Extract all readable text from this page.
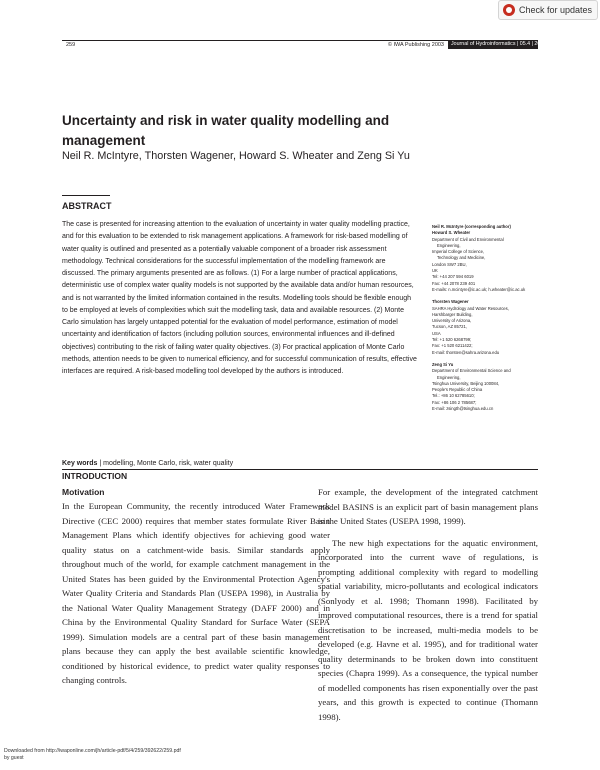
Check for updates
259	© IWA Publishing 2003	Journal of Hydroinformatics | 05.4 | 2003
Uncertainty and risk in water quality modelling and management
Neil R. McIntyre, Thorsten Wagener, Howard S. Wheater and Zeng Si Yu
ABSTRACT
The case is presented for increasing attention to the evaluation of uncertainty in water quality modelling practice, and for this evaluation to be extended to risk management applications. A framework for risk-based modelling of water quality is outlined and presented as a potentially valuable component of a broader risk assessment methodology. Technical considerations for the successful implementation of the modelling framework are discussed. The primary arguments presented are as follows. (1) For a large number of practical applications, deterministic use of complex water quality models is not supported by the available data and/or human resources, and is not warranted by the limited information contained in the results. Modelling tools should be flexible enough to be employed at levels of complexities which suit the modelling task, data and available resources. (2) Monte Carlo simulation has largely untapped potential for the evaluation of model performance, estimation of model uncertainty and identification of factors (including pollution sources, environmental influences and ill-defined objectives) contributing to the risk of failing water quality objectives. (3) For practical application of Monte Carlo methods, attention needs to be given to numerical efficiency, and for successful communication of results, effective interfaces are required. A risk-based modelling tool developed by the authors is introduced.
Key words | modelling, Monte Carlo, risk, water quality
Neil R. McIntyre (corresponding author)
Howard S. Wheater
Department of Civil and Environmental
Engineering,
Imperial College of Science,
Technology and Medicine,
London SW7 2BU,
UK
Tel: +44 207 594 6019
Fax: +44 2078 239 401
E-mails: n.mcintyre@ic.ac.uk; h.wheater@ic.ac.uk
Thorsten Wagener
SAHRA Hydrology and Water Resources,
Harshbarger Building,
University of Arizona,
Tucson, AZ 85721,
USA
Tel: +1 520 6268799;
Fax: +1 520 6211422;
E-mail: thorsten@sahra.arizona.edu
Zeng Si Yu
Department of Environmental Science and
Engineering,
Tsinghua University, Beijing 100084,
People's Republic of China
Tel.: +86 10 62785610;
Fax: +86 106 2 785687;
E-mail: zsingth@tsinghua.edu.cn
INTRODUCTION
Motivation

In the European Community, the recently introduced Water Framework Directive (CEC 2000) requires that member states formulate River Basin Management Plans which identify objectives for achieving good water quality status on a catchment-wide basis. Similar standards apply throughout much of the world, for example catchment management in the United States has been guided by the Environmental Protection Agency's Water Quality Criteria and Standards Plan (USEPA 1998), in Australia by the National Water Quality Management Strategy (DAFF 2000) and in China by the Environmental Quality Standard for Surface Water (SEPA 1999). Simulation models are a central part of these basin management plans because they can apply the best available scientific knowledge, conditioned by historical evidence, to predict water quality responses to changing controls.

For example, the development of the integrated catchment model BASINS is an explicit part of basin management plans in the United States (USEPA 1998, 1999).

The new high expectations for the aquatic environment, incorporated into the current wave of regulations, is prompting additional complexity with regard to modelling spatial variability, micro-pollutants and ecological indicators (Sonlyody et al. 1998; Thomann 1998). Facilitated by improved computational resources, there is a trend for spatial discretisation to be increased, multi-media models to be developed (e.g. Havne et al. 1995), and for traditional water quality determinands to be broken down into constituent species (Chapra 1999). As a consequence, the typical number of modelled components has risen exponentially over the past years, and this growth is expected to continue (Thomann 1998).

Downloaded from http://iwaponline.com/jh/article-pdf/5/4/259/392622/259.pdf
by guest
